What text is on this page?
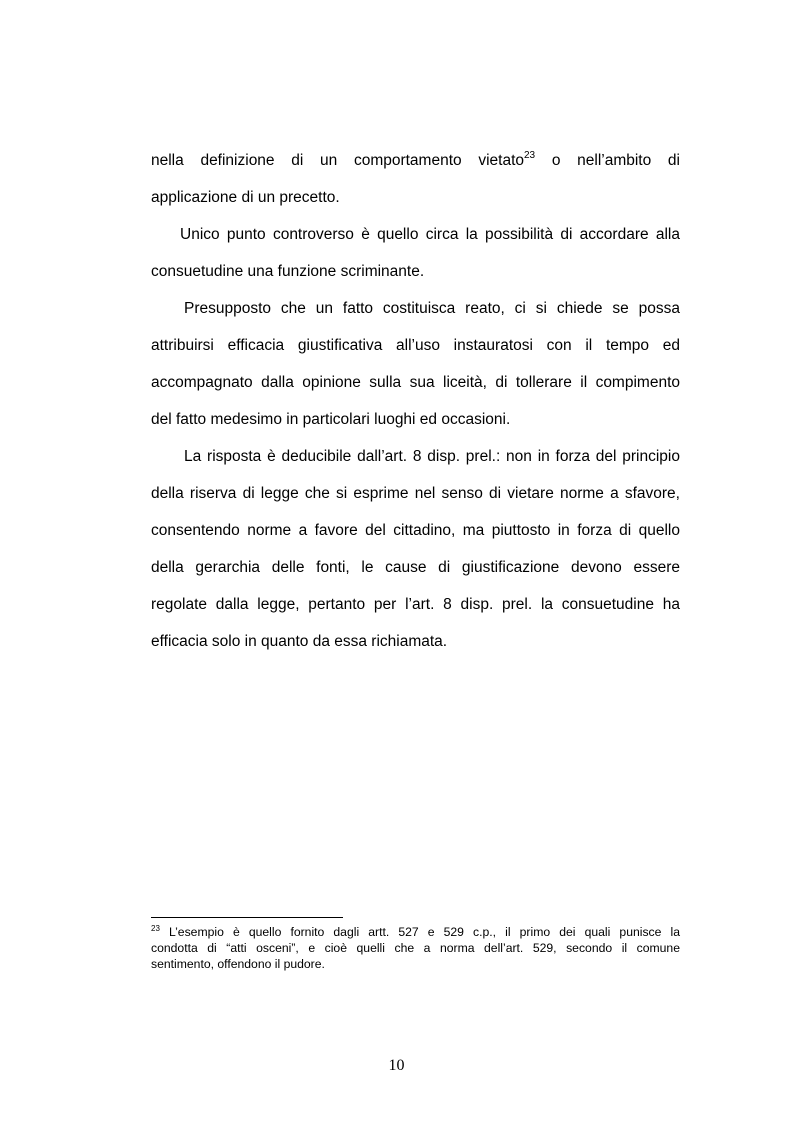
nella definizione di un comportamento vietato$^{23}$ o nell’ambito di

applicazione di un precetto.

Unico punto controverso è quello circa la possibilità di accordare alla

consuetudine una funzione scriminante.

Presupposto che un fatto costituisca reato, ci si chiede se possa

attribuirsi efficacia giustificativa all’uso instauratosi con il tempo ed

accompagnato dalla opinione sulla sua liceità, di tollerare il compimento

del fatto medesimo in particolari luoghi ed occasioni.

La risposta è deducibile dall’art. 8 disp. prel.: non in forza del principio

della riserva di legge che si esprime nel senso di vietare norme a sfavore,

consentendo norme a favore del cittadino, ma piuttosto in forza di quello

della gerarchia delle fonti, le cause di giustificazione devono essere

regolate dalla legge, pertanto per l’art. 8 disp. prel. la consuetudine ha

efficacia solo in quanto da essa richiamata.

$^{23}$ L’esempio è quello fornito dagli artt. 527 e 529 c.p., il primo dei quali punisce la

condotta di “atti osceni”, e cioè quelli che a norma dell’art. 529, secondo il comune

sentimento, offendono il pudore.

10
